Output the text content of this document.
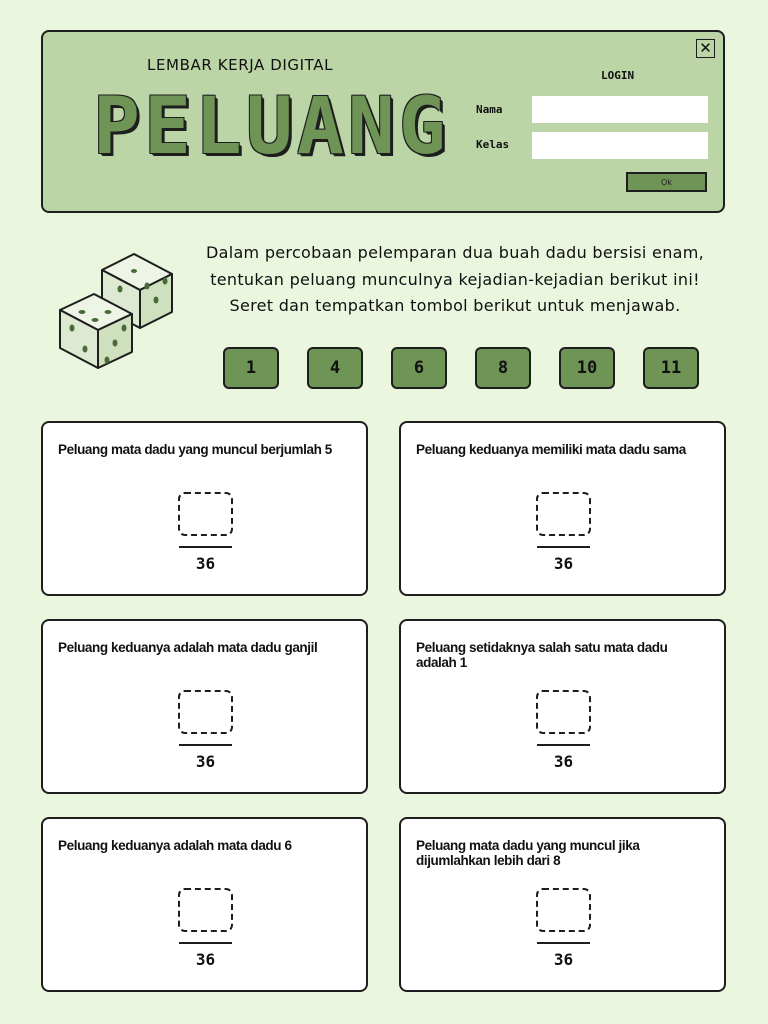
✕
LEMBAR KERJA DIGITAL
PELUANG
LOGIN
Nama
Kelas
Ok
Dalam percobaan pelemparan dua buah dadu bersisi enam,
tentukan peluang munculnya kejadian-kejadian berikut ini!
Seret dan tempatkan tombol berikut untuk menjawab.
1	4	6	8	10	11
Peluang mata dadu yang muncul berjumlah 5
36
Peluang keduanya memiliki mata dadu sama
36
Peluang keduanya adalah mata dadu ganjil
36
Peluang setidaknya salah satu mata dadu adalah 1
36
Peluang keduanya adalah mata dadu 6
36
Peluang mata dadu yang muncul jika dijumlahkan lebih dari 8
36
